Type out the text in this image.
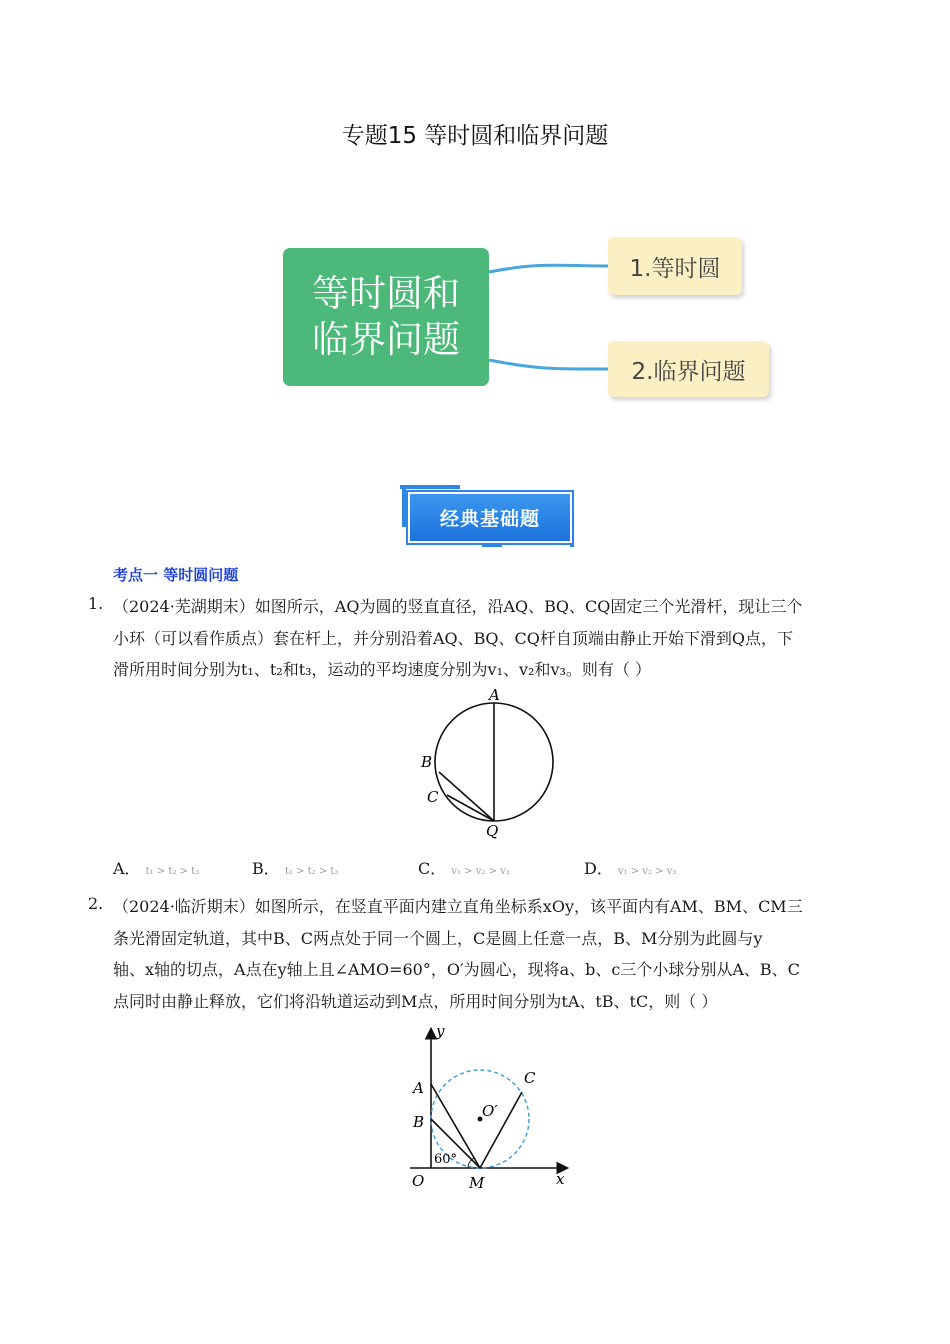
专题15 等时圆和临界问题
等时圆和
临界问题
1.等时圆
2.临界问题
经典基础题
考点一 等时圆问题
1. （2024·芜湖期末）如图所示，AQ为圆的竖直直径，沿AQ、BQ、CQ固定三个光滑杆，现让三个
小环（可以看作质点）套在杆上，并分别沿着AQ、BQ、CQ杆自顶端由静止开始下滑到Q点，下
滑所用时间分别为t₁、t₂和t₃，运动的平均速度分别为v₁、v₂和v₃。则有（ ）
A
B
C
Q
A． t₁ > t₂ > t₃	B． t₁ > t₂ > t₃	C． v₁ > v₂ > v₃	D． v₁ > v₂ > v₃
2. （2024·临沂期末）如图所示，在竖直平面内建立直角坐标系xOy，该平面内有AM、BM、CM三
条光滑固定轨道，其中B、C两点处于同一个圆上，C是圆上任意一点，B、M分别为此圆与y
轴、x轴的切点，A点在y轴上且∠AMO=60°，O′为圆心，现将a、b、c三个小球分别从A、B、C
点同时由静止释放，它们将沿轨道运动到M点，所用时间分别为tA、tB、tC，则（ ）
y
x
A
B
C
O	M
O′
60°
